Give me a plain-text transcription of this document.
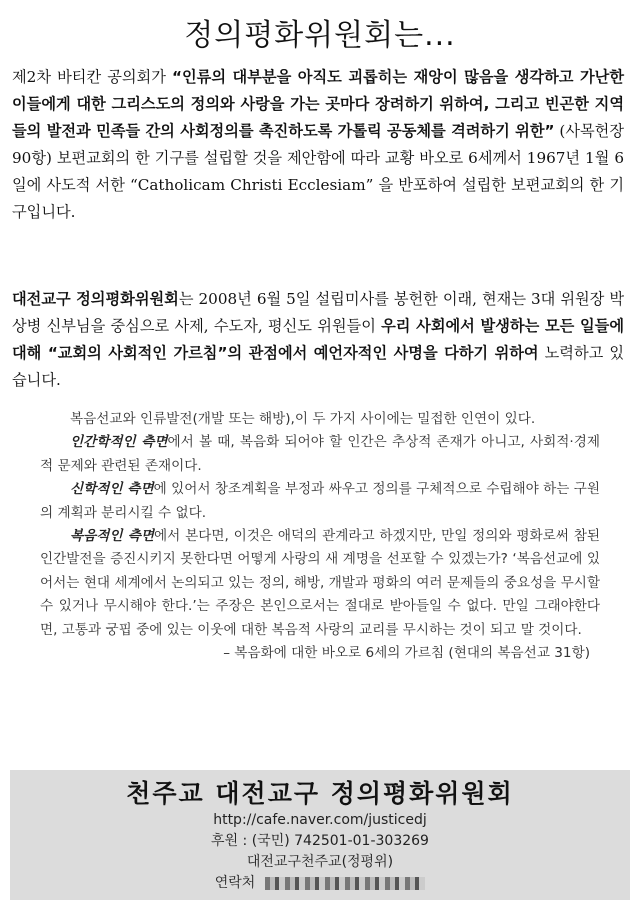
정의평화위원회는...

제2차 바티칸 공의회가 “인류의 대부분을 아직도 괴롭히는 재앙이 많음을 생각하고 가난한 이들에게 대한 그리스도의 정의와 사랑을 가는 곳마다 장려하기 위하여, 그리고 빈곤한 지역들의 발전과 민족들 간의 사회정의를 촉진하도록 가톨릭 공동체를 격려하기 위한” (사목헌장 90항) 보편교회의 한 기구를 설립할 것을 제안함에 따라 교황 바오로 6세께서 1967년 1월 6일에 사도적 서한 “Catholicam Christi Ecclesiam” 을 반포하여 설립한 보편교회의 한 기구입니다.

대전교구 정의평화위원회는 2008년 6월 5일 설립미사를 봉헌한 이래, 현재는 3대 위원장 박상병 신부님을 중심으로 사제, 수도자, 평신도 위원들이 우리 사회에서 발생하는 모든 일들에 대해 “교회의 사회적인 가르침”의 관점에서 예언자적인 사명을 다하기 위하여 노력하고 있습니다.

복음선교와 인류발전(개발 또는 해방),이 두 가지 사이에는 밀접한 인연이 있다.

인간학적인 측면에서 볼 때, 복음화 되어야 할 인간은 추상적 존재가 아니고, 사회적·경제적 문제와 관련된 존재이다.

신학적인 측면에 있어서 창조계획을 부정과 싸우고 정의를 구체적으로 수립해야 하는 구원의 계획과 분리시킬 수 없다.

복음적인 측면에서 본다면, 이것은 애덕의 관계라고 하겠지만, 만일 정의와 평화로써 참된 인간발전을 증진시키지 못한다면 어떻게 사랑의 새 계명을 선포할 수 있겠는가? ‘복음선교에 있어서는 현대 세계에서 논의되고 있는 정의, 해방, 개발과 평화의 여러 문제들의 중요성을 무시할 수 있거나 무시해야 한다.’는 주장은 본인으로서는 절대로 받아들일 수 없다. 만일 그래야한다면, 고통과 궁핍 중에 있는 이웃에 대한 복음적 사랑의 교리를 무시하는 것이 되고 말 것이다.

– 복음화에 대한 바오로 6세의 가르침 (현대의 복음선교 31항)

천주교 대전교구 정의평화위원회
http://cafe.naver.com/justicedj
후원 : (국민) 742501-01-303269
대전교구천주교(정평위)
연락처
